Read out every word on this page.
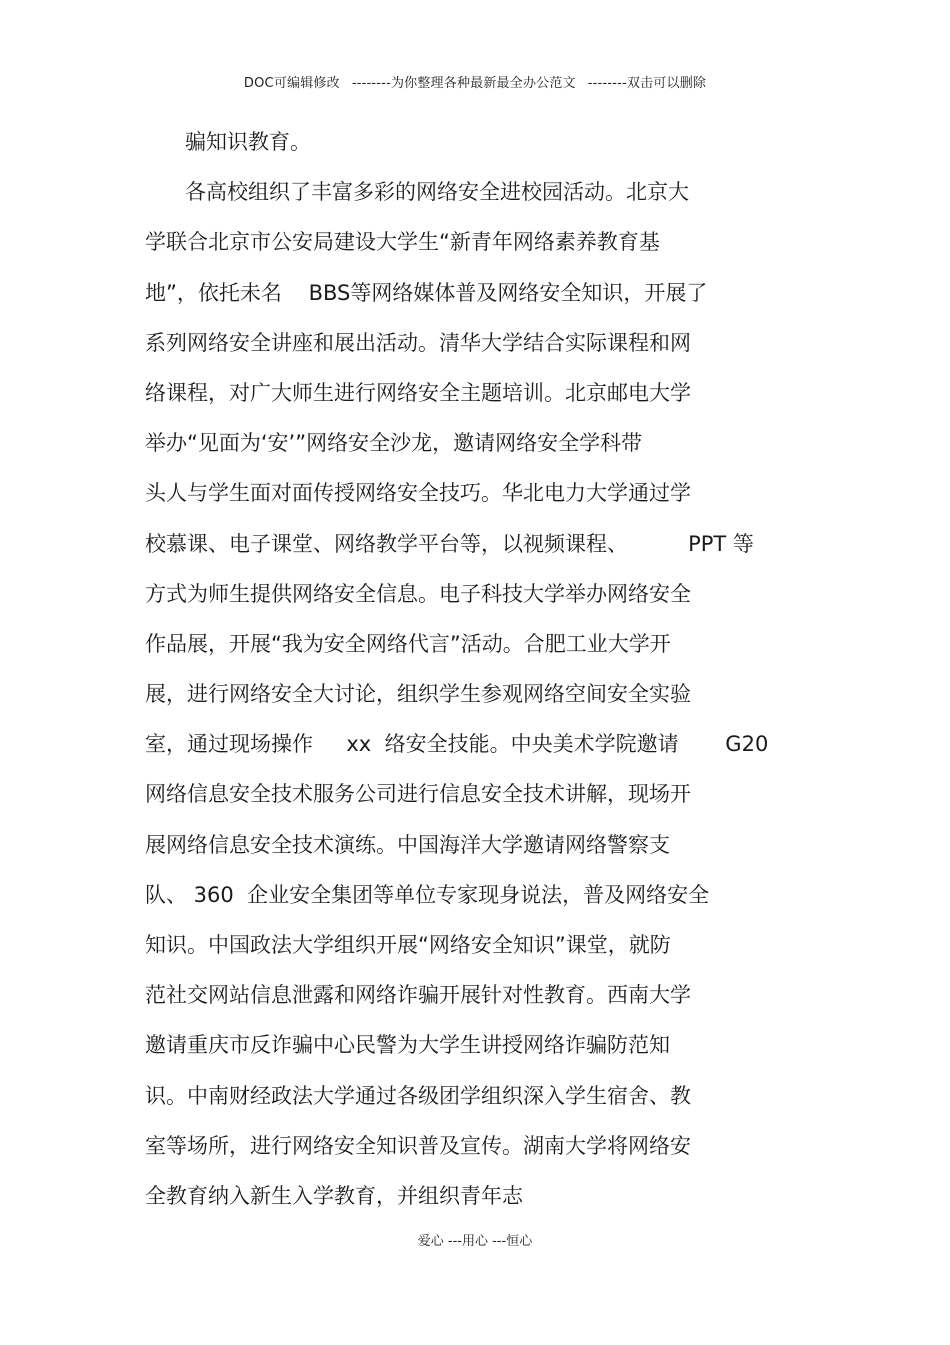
DOC可编辑修改 --------为你整理各种最新最全办公范文 --------双击可以删除
骗知识教育。
各高校组织了丰富多彩的网络安全进校园活动。北京大
学联合北京市公安局建设大学生“新青年网络素养教育基
地”，依托未名    BBS等网络媒体普及网络安全知识，开展了
系列网络安全讲座和展出活动。清华大学结合实际课程和网
络课程，对广大师生进行网络安全主题培训。北京邮电大学
举办“见面为‘安’”网络安全沙龙，邀请网络安全学科带
头人与学生面对面传授网络安全技巧。华北电力大学通过学
校慕课、电子课堂、网络教学平台等，以视频课程、         PPT 等
方式为师生提供网络安全信息。电子科技大学举办网络安全
作品展，开展“我为安全网络代言”活动。合肥工业大学开
展，进行网络安全大讨论，组织学生参观网络空间安全实验
室，通过现场操作     xx  络安全技能。中央美术学院邀请       G20
网络信息安全技术服务公司进行信息安全技术讲解，现场开
展网络信息安全技术演练。中国海洋大学邀请网络警察支
队、 360  企业安全集团等单位专家现身说法，普及网络安全
知识。中国政法大学组织开展“网络安全知识”课堂，就防
范社交网站信息泄露和网络诈骗开展针对性教育。西南大学
邀请重庆市反诈骗中心民警为大学生讲授网络诈骗防范知
识。中南财经政法大学通过各级团学组织深入学生宿舍、教
室等场所，进行网络安全知识普及宣传。湖南大学将网络安
全教育纳入新生入学教育，并组织青年志
爱心 ---用心 ---恒心
